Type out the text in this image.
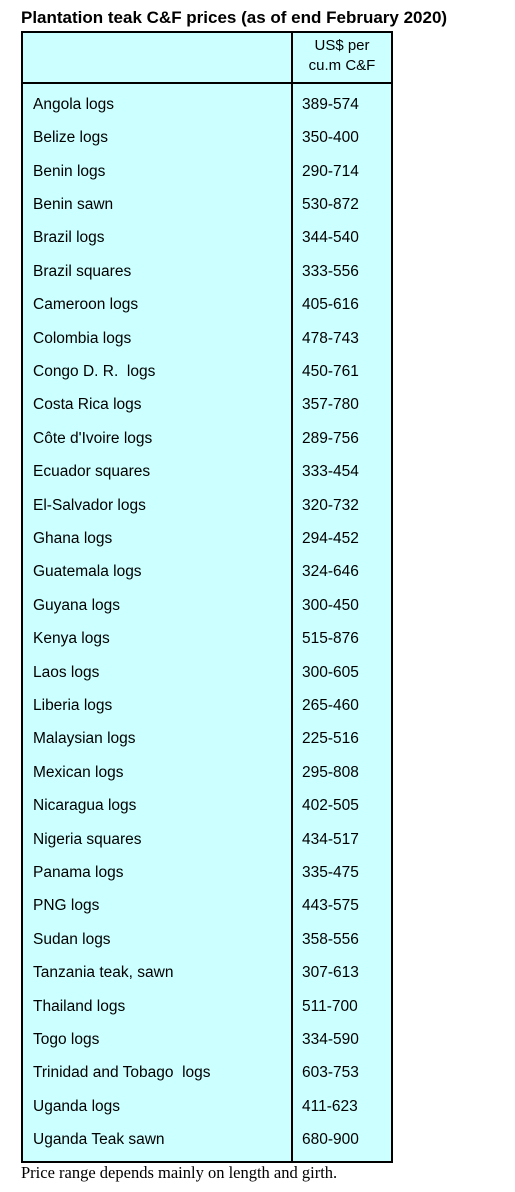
Plantation teak C&F prices (as of end February 2020)
US$ per
cu.m C&F
Angola logs	389-574
Belize logs	350-400
Benin logs	290-714
Benin sawn	530-872
Brazil logs	344-540
Brazil squares	333-556
Cameroon logs	405-616
Colombia logs	478-743
Congo D. R.  logs	450-761
Costa Rica logs	357-780
Côte d'Ivoire logs	289-756
Ecuador squares	333-454
El-Salvador logs	320-732
Ghana logs	294-452
Guatemala logs	324-646
Guyana logs	300-450
Kenya logs	515-876
Laos logs	300-605
Liberia logs	265-460
Malaysian logs	225-516
Mexican logs	295-808
Nicaragua logs	402-505
Nigeria squares	434-517
Panama logs	335-475
PNG logs	443-575
Sudan logs	358-556
Tanzania teak, sawn	307-613
Thailand logs	511-700
Togo logs	334-590
Trinidad and Tobago  logs	603-753
Uganda logs	411-623
Uganda Teak sawn	680-900
Price range depends mainly on length and girth.
